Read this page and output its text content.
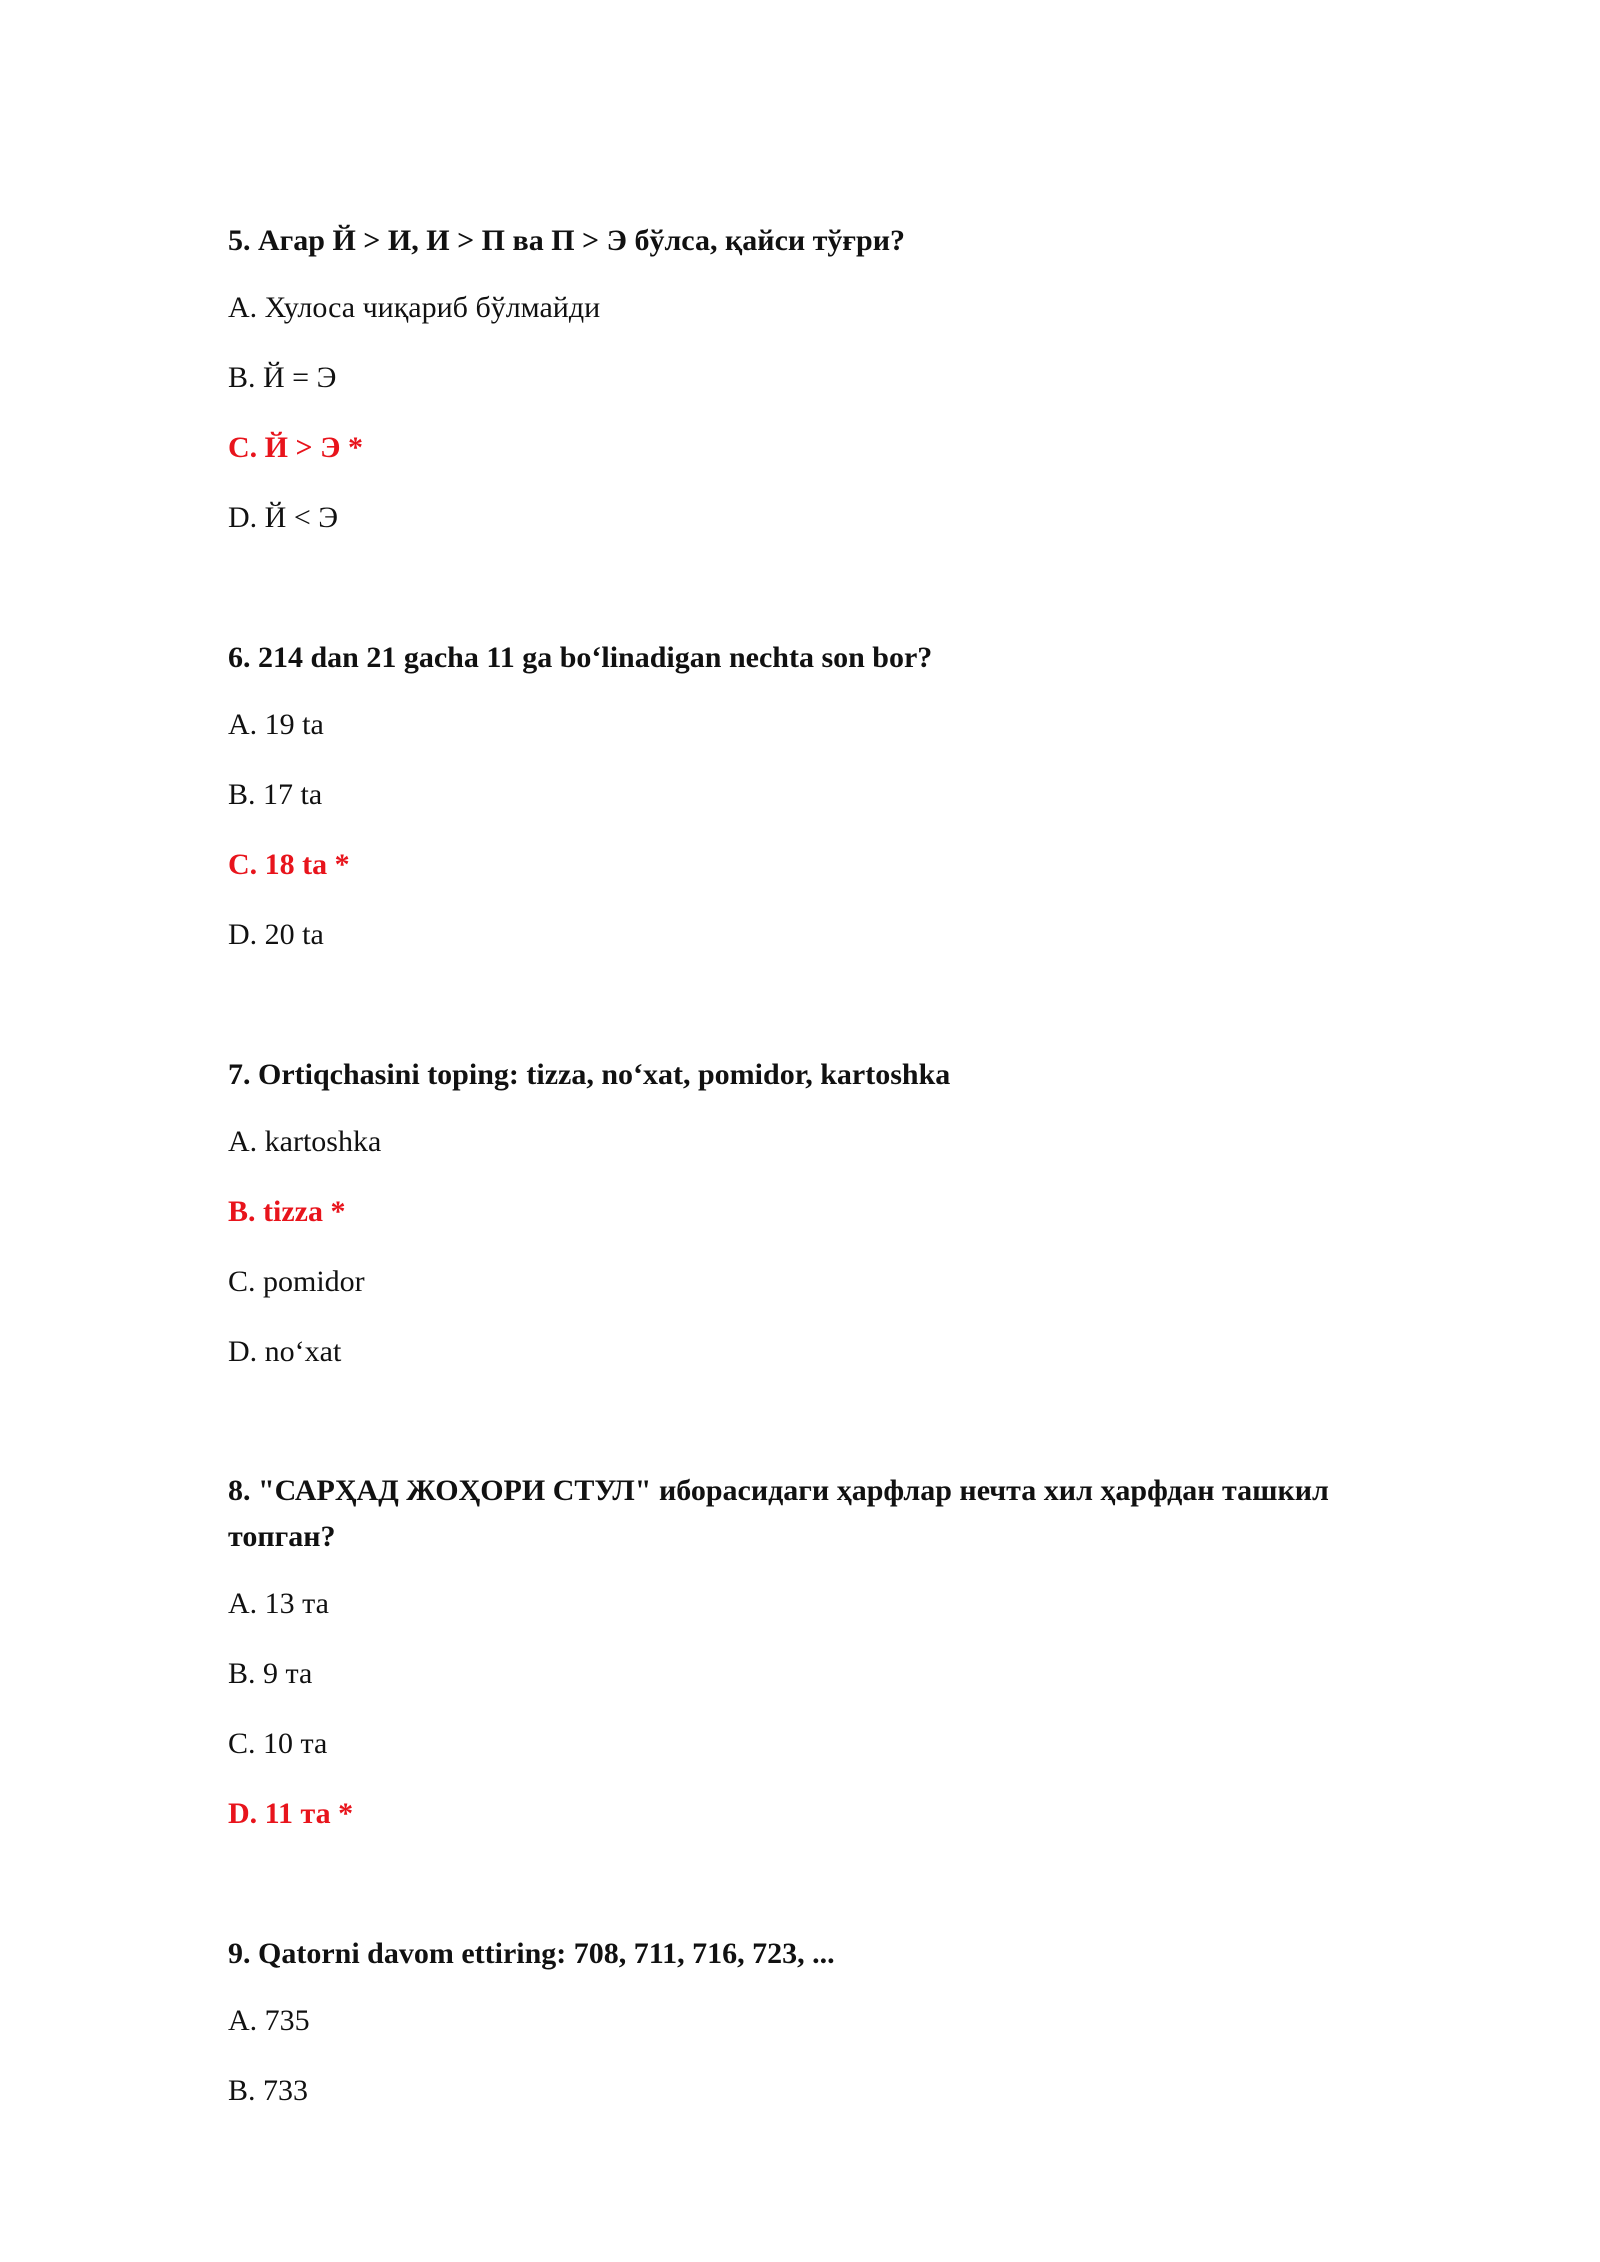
5. Агар Й > И, И > П ва П > Э бўлса, қайси тўғри?

A. Хулоса чиқариб бўлмайди

B. Й = Э

C. Й > Э *

D. Й < Э

6. 214 dan 21 gacha 11 ga bo‘linadigan nechta son bor?

A. 19 ta

B. 17 ta

C. 18 ta *

D. 20 ta

7. Ortiqchasini toping: tizza, no‘xat, pomidor, kartoshka

A. kartoshka

B. tizza *

C. pomidor

D. no‘xat

8. "САРҲАД ЖОҲОРИ СТУЛ" иборасидаги ҳарфлар нечта хил ҳарфдан ташкил топган?

A. 13 та

B. 9 та

C. 10 та

D. 11 та *

9. Qatorni davom ettiring: 708, 711, 716, 723, ...

A. 735

B. 733
